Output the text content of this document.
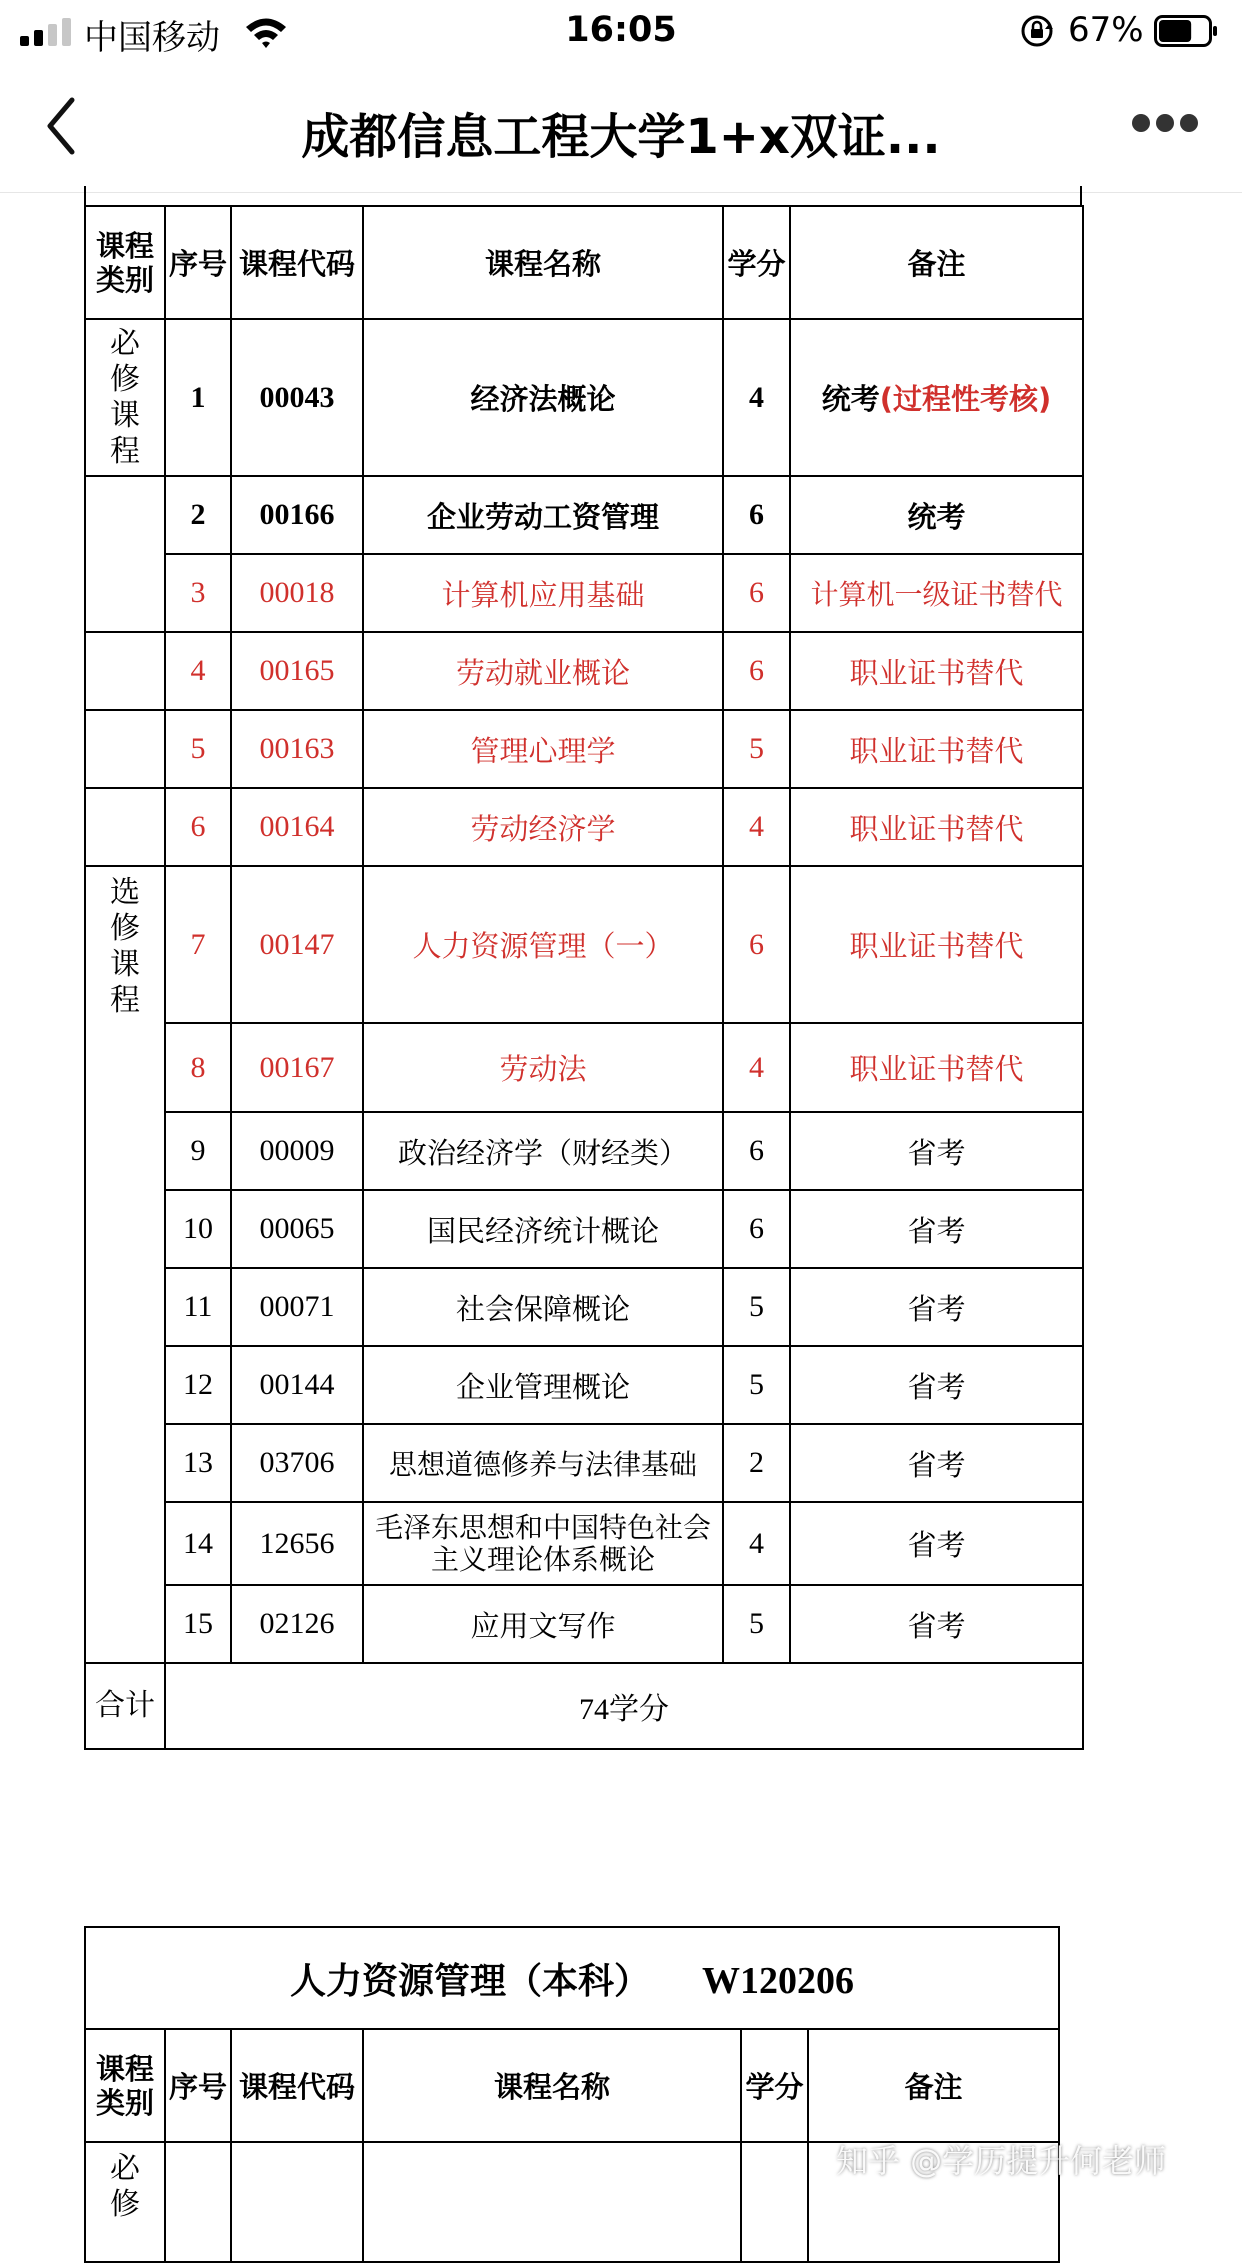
中国移动	16:05	67%
成都信息工程大学1+x双证...
课程类别	序号	课程代码	课程名称	学分	备注
必修课程	1	00043	经济法概论	4	统考(过程性考核)
	2	00166	企业劳动工资管理	6	统考
	3	00018	计算机应用基础	6	计算机一级证书替代
	4	00165	劳动就业概论	6	职业证书替代
	5	00163	管理心理学	5	职业证书替代
	6	00164	劳动经济学	4	职业证书替代
选修课程	7	00147	人力资源管理（一）	6	职业证书替代
	8	00167	劳动法	4	职业证书替代
	9	00009	政治经济学（财经类）	6	省考
	10	00065	国民经济统计概论	6	省考
	11	00071	社会保障概论	5	省考
	12	00144	企业管理概论	5	省考
	13	03706	思想道德修养与法律基础	2	省考
	14	12656	毛泽东思想和中国特色社会主义理论体系概论	4	省考
	15	02126	应用文写作	5	省考
合计	74学分				
人力资源管理（本科） W120206					
课程类别	序号	课程代码	课程名称	学分	备注
必修					
知乎 @学历提升何老师
